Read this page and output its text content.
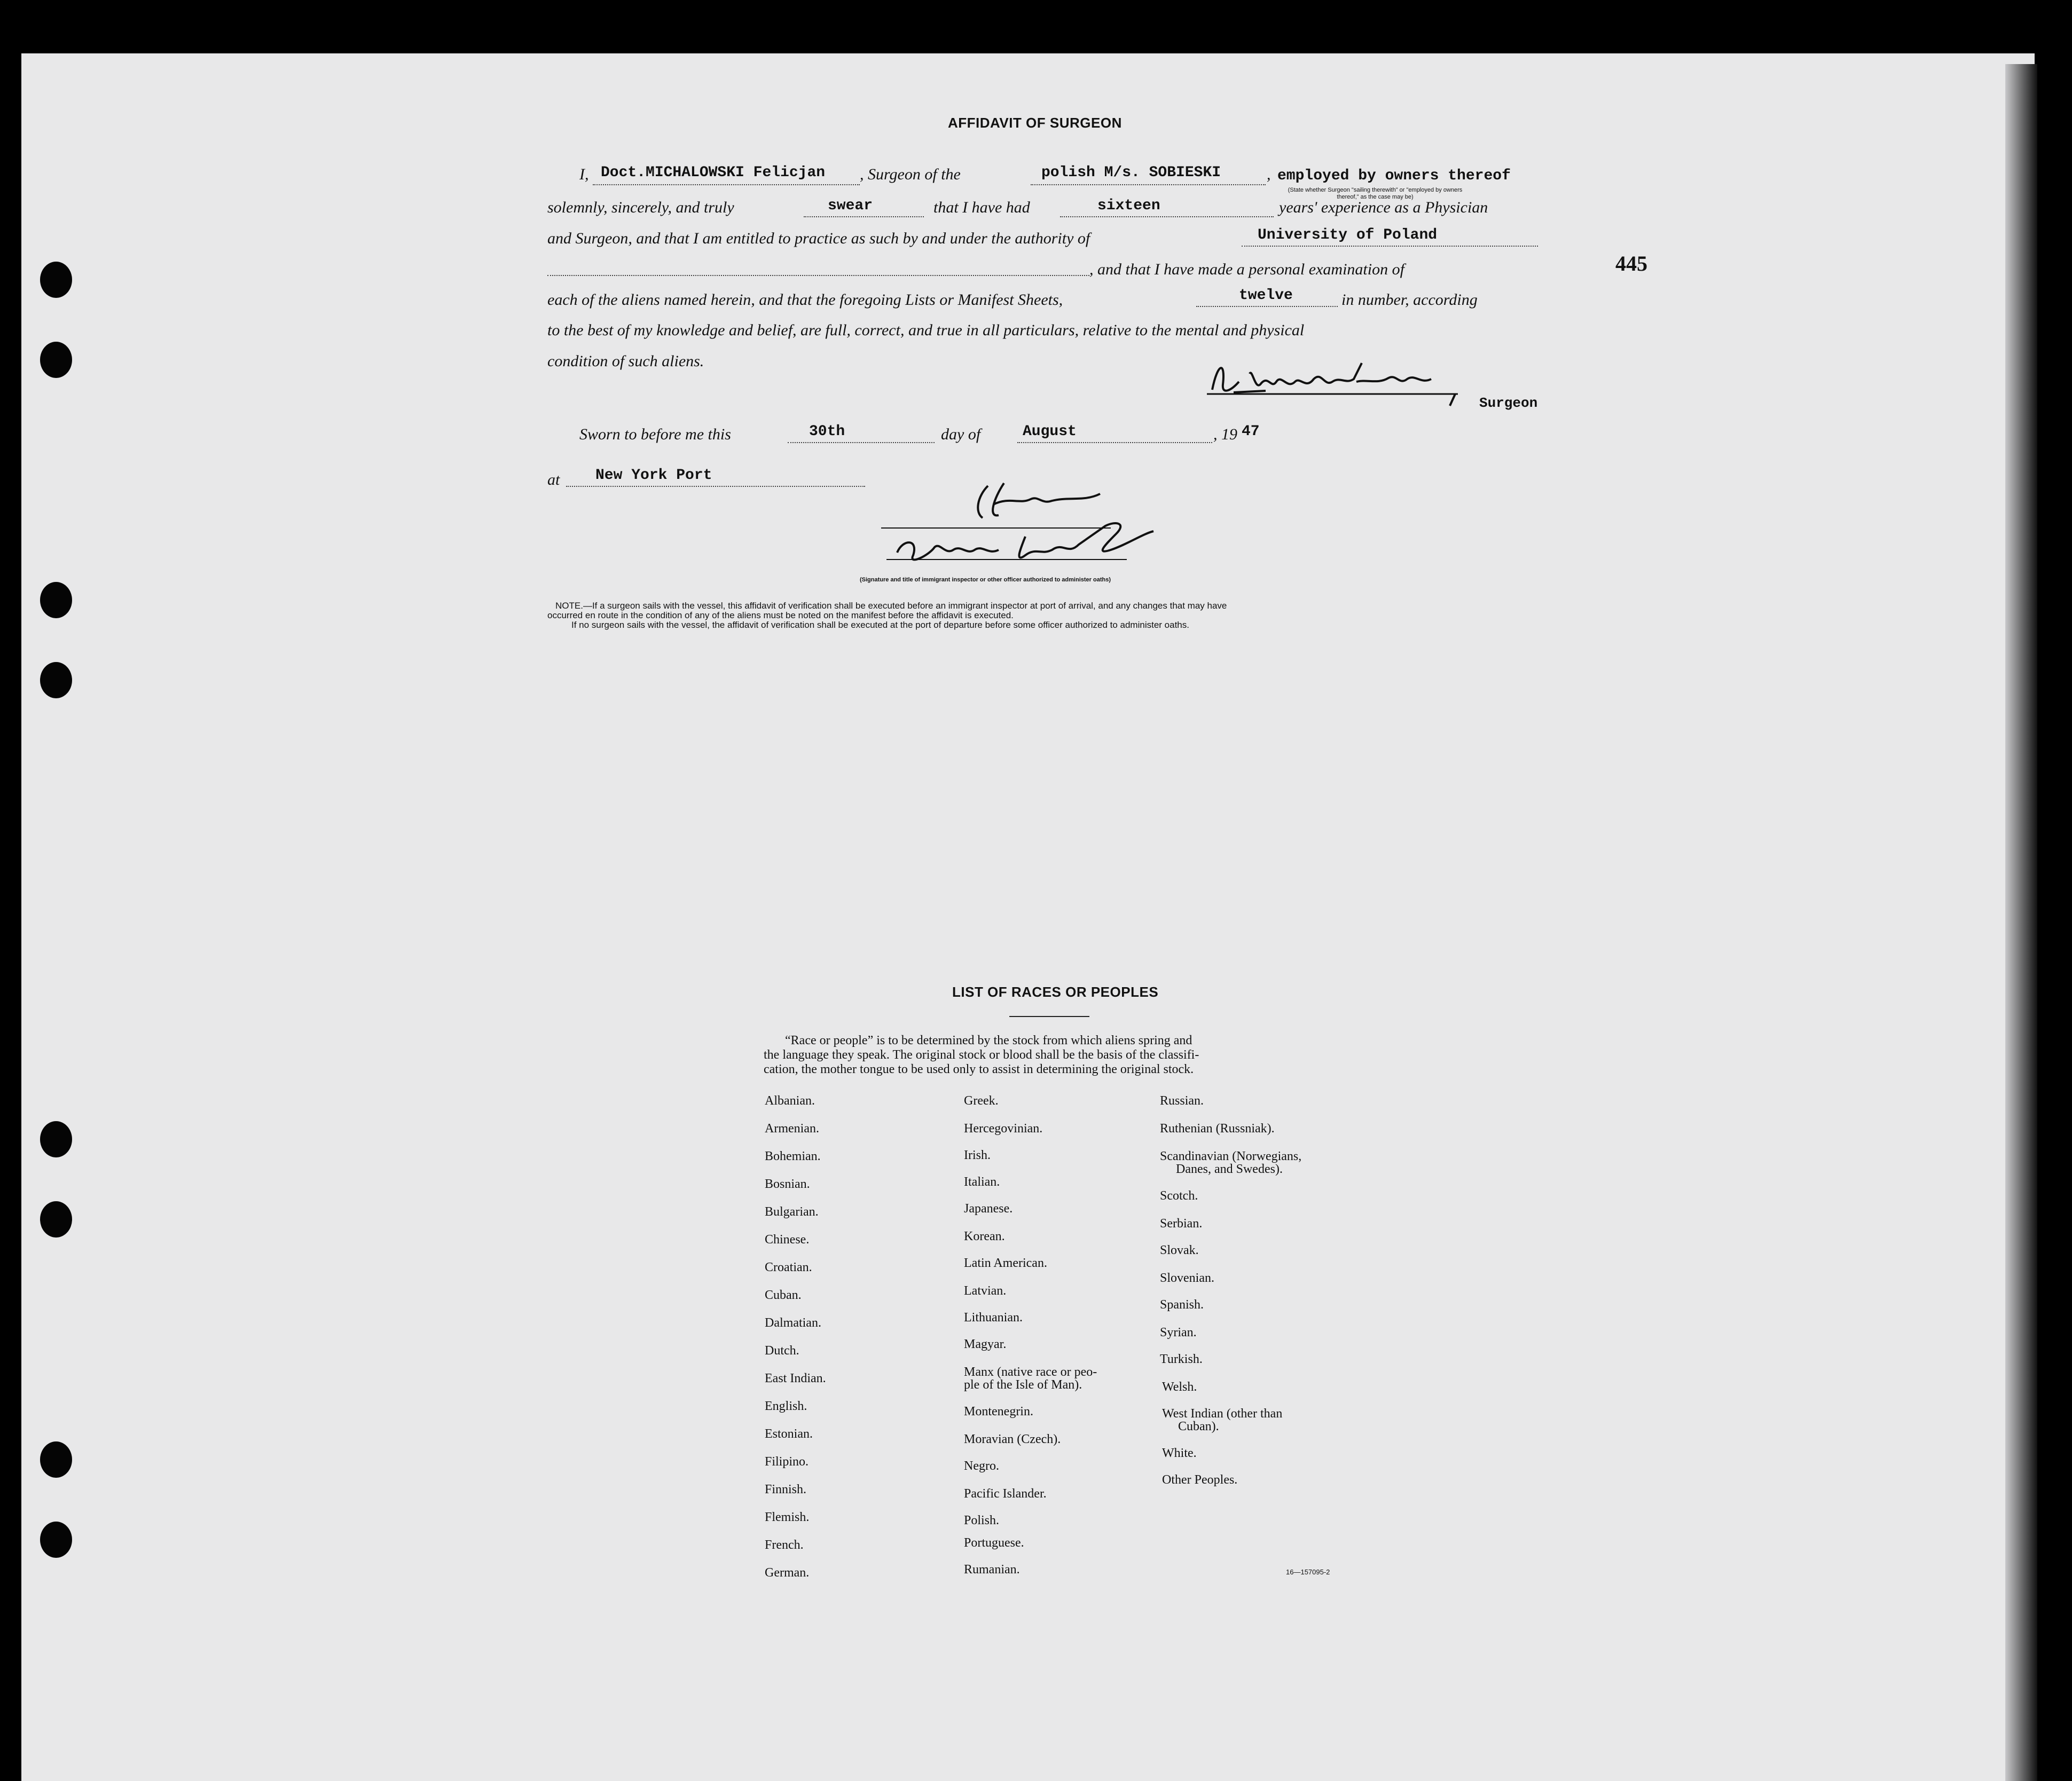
445
AFFIDAVIT OF SURGEON
I, Doct.MICHALOWSKI Felicjan , Surgeon of the	polish M/s. SOBIESKI	, employed by owners thereof
(State whether Surgeon "sailing therewith" or "employed by owners thereof," as the case may be)
solemnly, sincerely, and truly	swear	that I have had	sixteen	years' experience as a Physician
and Surgeon, and that I am entitled to practice as such by and under the authority of	University of Poland
, and that I have made a personal examination of
each of the aliens named herein, and that the foregoing Lists or Manifest Sheets,	twelve	in number, according
to the best of my knowledge and belief, are full, correct, and true in all particulars, relative to the mental and physical
condition of such aliens.
Surgeon
Sworn to before me this	30th	day of	August	, 19 47
at New York Port
(Signature and title of immigrant inspector or other officer authorized to administer oaths)
NOTE.—If a surgeon sails with the vessel, this affidavit of verification shall be executed before an immigrant inspector at port of arrival, and any changes that may have
occurred en route in the condition of any of the aliens must be noted on the manifest before the affidavit is executed.
If no surgeon sails with the vessel, the affidavit of verification shall be executed at the port of departure before some officer authorized to administer oaths.
LIST OF RACES OR PEOPLES
“Race or people” is to be determined by the stock from which aliens spring and
the language they speak. The original stock or blood shall be the basis of the classifi-
cation, the mother tongue to be used only to assist in determining the original stock.
Albanian.
Armenian.
Bohemian.
Bosnian.
Bulgarian.
Chinese.
Croatian.
Cuban.
Dalmatian.
Dutch.
East Indian.
English.
Estonian.
Filipino.
Finnish.
Flemish.
French.
German.
Greek.
Hercegovinian.
Irish.
Italian.
Japanese.
Korean.
Latin American.
Latvian.
Lithuanian.
Magyar.
Manx (native race or peo-
ple of the Isle of Man).
Montenegrin.
Moravian (Czech).
Negro.
Pacific Islander.
Polish.
Portuguese.
Rumanian.
Russian.
Ruthenian (Russniak).
Scandinavian (Norwegians,
Danes, and Swedes).
Scotch.
Serbian.
Slovak.
Slovenian.
Spanish.
Syrian.
Turkish.
Welsh.
West Indian (other than
Cuban).
White.
Other Peoples.
16—157095-2
